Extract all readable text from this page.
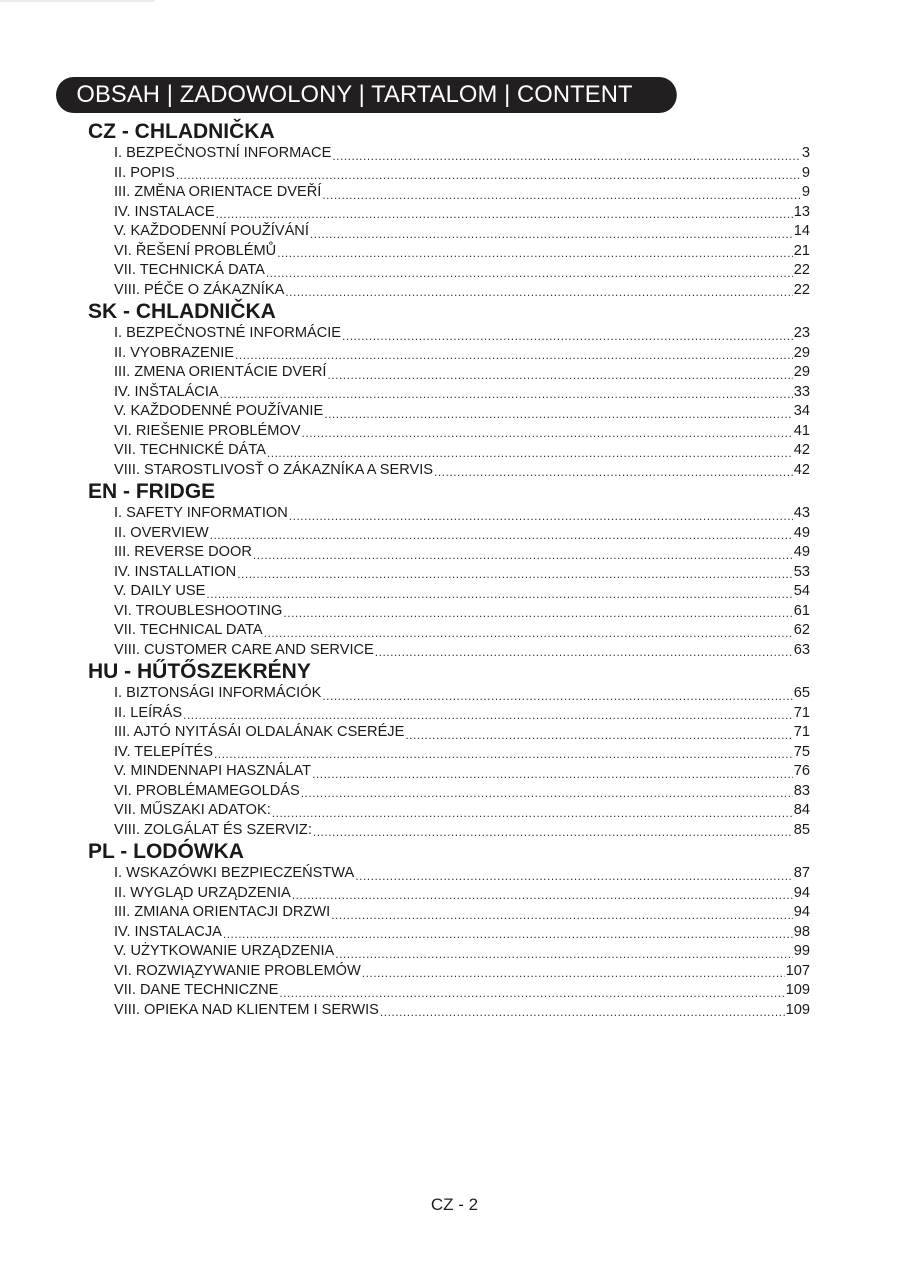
OBSAH | ZADOWOLONY | TARTALOM | CONTENT
CZ - CHLADNIČKA
I. BEZPEČNOSTNÍ INFORMACE .....	3
II. POPIS .....	9
III. ZMĚNA ORIENTACE DVEŘÍ .....	9
IV. INSTALACE .....	13
V. KAŽDODENNÍ POUŽÍVÁNÍ .....	14
VI. ŘEŠENÍ PROBLÉMŮ .....	21
VII. TECHNICKÁ DATA .....	22
VIII. PÉČE O ZÁKAZNÍKA .....	22
SK - CHLADNIČKA
I. BEZPEČNOSTNÉ INFORMÁCIE .....	23
II. VYOBRAZENIE .....	29
III. ZMENA ORIENTÁCIE DVERÍ .....	29
IV. INŠTALÁCIA .....	33
V. KAŽDODENNÉ POUŽÍVANIE .....	34
VI. RIEŠENIE PROBLÉMOV .....	41
VII. TECHNICKÉ DÁTA .....	42
VIII. STAROSTLIVOSŤ O ZÁKAZNÍKA A SERVIS .....	42
EN - FRIDGE
I. SAFETY INFORMATION .....	43
II. OVERVIEW .....	49
III. REVERSE DOOR .....	49
IV. INSTALLATION .....	53
V. DAILY USE .....	54
VI. TROUBLESHOOTING .....	61
VII. TECHNICAL DATA .....	62
VIII. CUSTOMER CARE AND SERVICE .....	63
HU - HŰTŐSZEKRÉNY
I. BIZTONSÁGI INFORMÁCIÓK .....	65
II. LEÍRÁS .....	71
III. AJTÓ NYITÁSÁI OLDALÁNAK CSERÉJE .....	71
IV. TELEPÍTÉS .....	75
V. MINDENNAPI HASZNÁLAT .....	76
VI. PROBLÉMAMEGOLDÁS .....	83
VII. MŰSZAKI ADATOK: .....	84
VIII. ZOLGÁLAT ÉS SZERVIZ: .....	85
PL - LODÓWKA
I. WSKAZÓWKI BEZPIECZEŃSTWA .....	87
II. WYGLĄD URZĄDZENIA .....	94
III. ZMIANA ORIENTACJI DRZWI .....	94
IV. INSTALACJA .....	98
V. UŻYTKOWANIE URZĄDZENIA .....	99
VI. ROZWIĄZYWANIE PROBLEMÓW .....	107
VII. DANE TECHNICZNE .....	109
VIII. OPIEKA NAD KLIENTEM I SERWIS .....	109
CZ - 2
